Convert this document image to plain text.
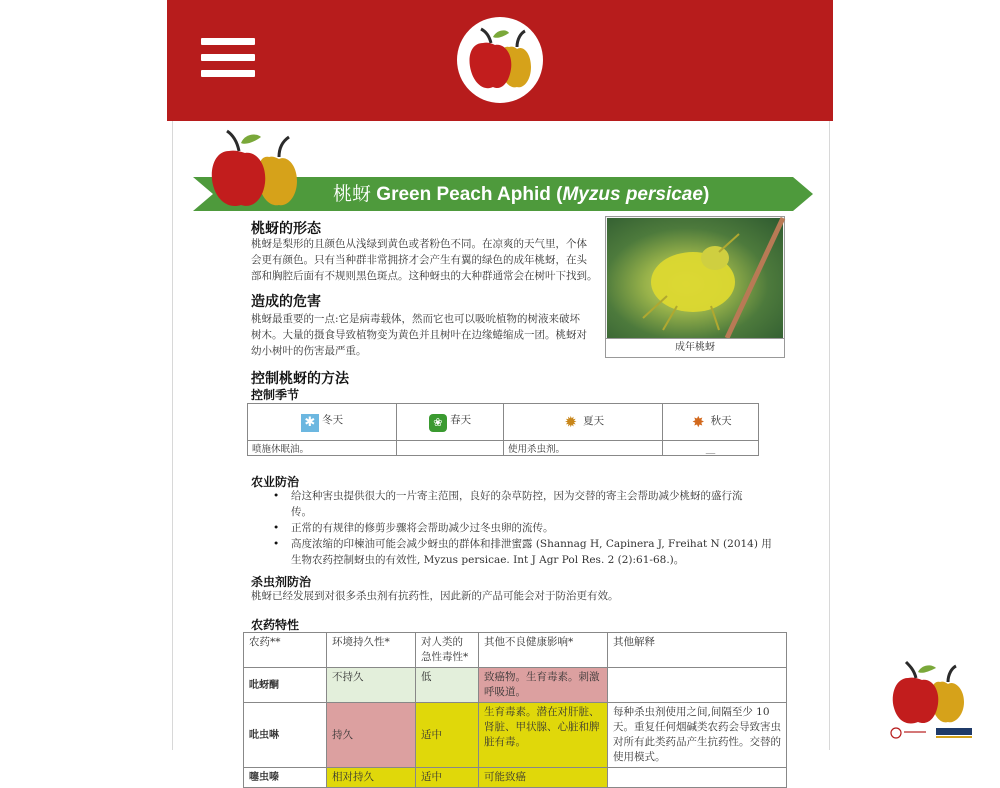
桃蚜 Green Peach Aphid (Myzus persicae)
桃蚜的形态
桃蚜是梨形的且颜色从浅绿到黄色或者粉色不同。在凉爽的天气里，个体
会更有颜色。只有当种群非常拥挤才会产生有翼的绿色的成年桃蚜，在头
部和胸腔后面有不规则黑色斑点。这种蚜虫的大种群通常会在树叶下找到。
成年桃蚜
造成的危害
桃蚜最重要的一点:它是病毒载体，然而它也可以吸吮植物的树液来破坏
树木。大量的摄食导致植物变为黄色并且树叶在边缘蜷缩成一团。桃蚜对
幼小树叶的伤害最严重。
控制桃蚜的方法
控制季节
✱ 冬天	❀ 春天	✹ 夏天	✸ 秋天
喷施休眠油。		使用杀虫剂。	__
农业防治
• 给这种害虫提供很大的一片寄主范围，良好的杂草防控，因为交替的寄主会帮助减少桃蚜的盛行流
传。
• 正常的有规律的修剪步骤将会帮助减少过冬虫卵的流传。
• 高度浓缩的印楝油可能会减少蚜虫的群体和排泄蜜露 (Shannag H, Capinera J, Freihat N (2014) 用
生物农药控制蚜虫的有效性, Myzus persicae. Int J Agr Pol Res. 2 (2):61-68.)。
杀虫剂防治
桃蚜已经发展到对很多杀虫剂有抗药性，因此新的产品可能会对于防治更有效。
农药特性
农药**	环境持久性*	对人类的急性毒性*	其他不良健康影响*	其他解释
吡蚜酮	不持久	低	致癌物。生育毒素。刺激呼吸道。	
吡虫啉	持久	适中	生育毒素。潜在对肝脏、肾脏、甲状腺、心脏和脾脏有毒。	每种杀虫剂使用之间,间隔至少 10 天。重复任何烟碱类农药会导致害虫对所有此类药品产生抗药性。交替的使用模式。
噻虫嗪	相对持久	适中	可能致癌	
